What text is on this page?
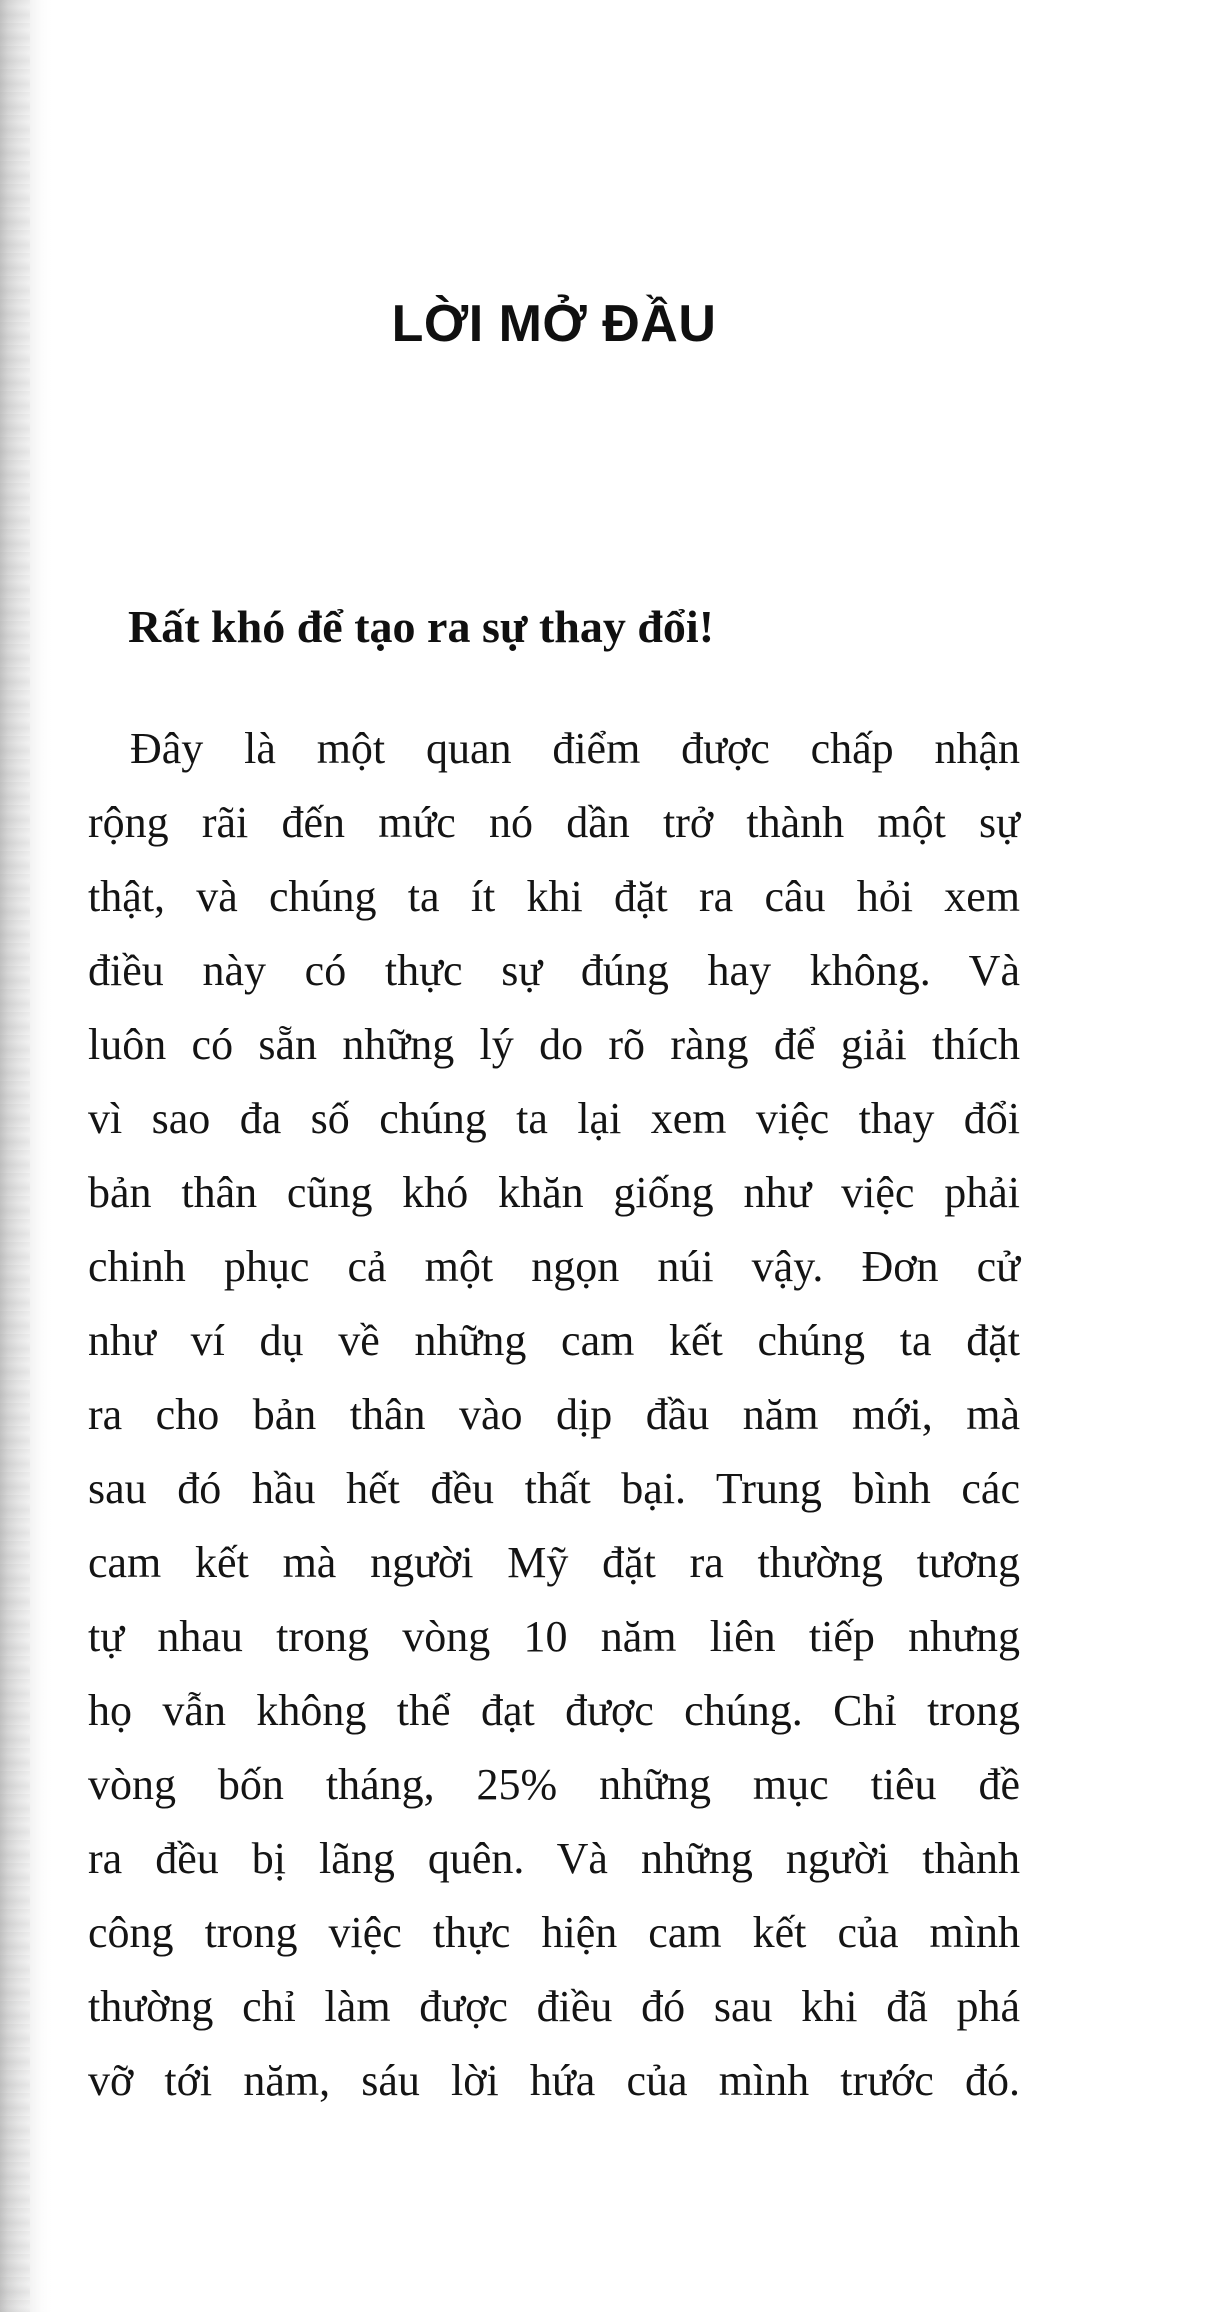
LỜI MỞ ĐẦU
Rất khó để tạo ra sự thay đổi!
Đây là một quan điểm được chấp nhận
rộng rãi đến mức nó dần trở thành một sự
thật, và chúng ta ít khi đặt ra câu hỏi xem
điều này có thực sự đúng hay không. Và
luôn có sẵn những lý do rõ ràng để giải thích
vì sao đa số chúng ta lại xem việc thay đổi
bản thân cũng khó khăn giống như việc phải
chinh phục cả một ngọn núi vậy. Đơn cử
như ví dụ về những cam kết chúng ta đặt
ra cho bản thân vào dịp đầu năm mới, mà
sau đó hầu hết đều thất bại. Trung bình các
cam kết mà người Mỹ đặt ra thường tương
tự nhau trong vòng 10 năm liên tiếp nhưng
họ vẫn không thể đạt được chúng. Chỉ trong
vòng bốn tháng, 25% những mục tiêu đề
ra đều bị lãng quên. Và những người thành
công trong việc thực hiện cam kết của mình
thường chỉ làm được điều đó sau khi đã phá
vỡ tới năm, sáu lời hứa của mình trước đó.
